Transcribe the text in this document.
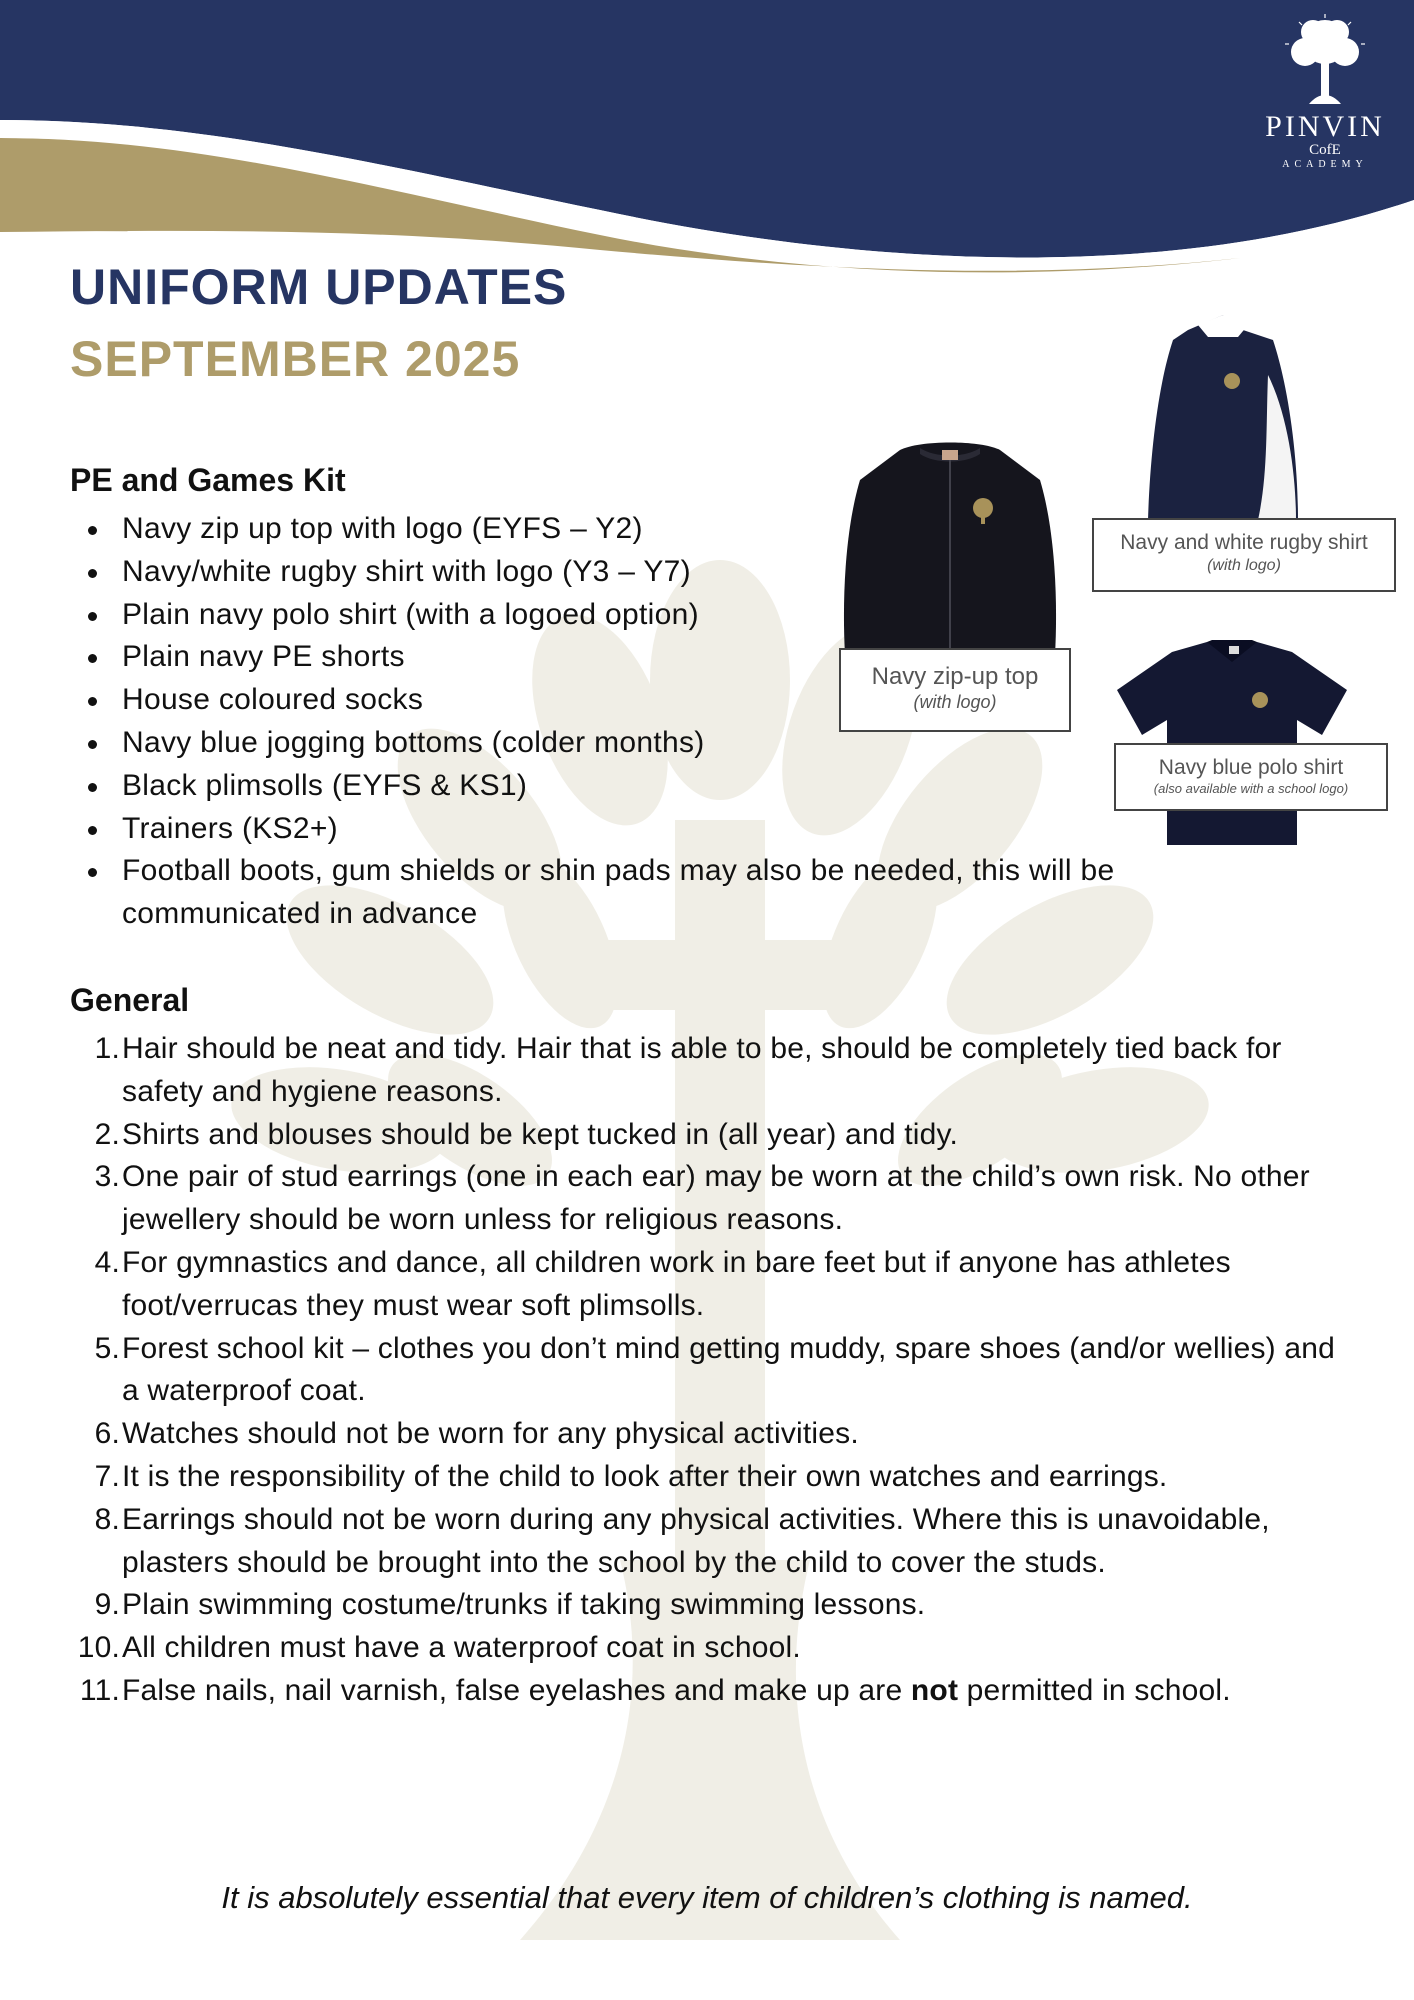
PINVIN
CofE
ACADEMY
UNIFORM UPDATES
SEPTEMBER 2025
PE and Games Kit
Navy zip up top with logo (EYFS – Y2)
Navy/white rugby shirt with logo (Y3 – Y7)
Plain navy polo shirt (with a logoed option)
Plain navy PE shorts
House coloured socks
Navy blue jogging bottoms (colder months)
Black plimsolls (EYFS & KS1)
Trainers (KS2+)
Football boots, gum shields or shin pads may also be needed, this will be communicated in advance
Navy zip-up top
(with logo)
Navy and white rugby shirt
(with logo)
Navy blue polo shirt
(also available with a school logo)
General
1. Hair should be neat and tidy. Hair that is able to be, should be completely tied back for safety and hygiene reasons.
2. Shirts and blouses should be kept tucked in (all year) and tidy.
3. One pair of stud earrings (one in each ear) may be worn at the child’s own risk. No other jewellery should be worn unless for religious reasons.
4. For gymnastics and dance, all children work in bare feet but if anyone has athletes foot/verrucas they must wear soft plimsolls.
5. Forest school kit – clothes you don’t mind getting muddy, spare shoes (and/or wellies) and a waterproof coat.
6. Watches should not be worn for any physical activities.
7. It is the responsibility of the child to look after their own watches and earrings.
8. Earrings should not be worn during any physical activities. Where this is unavoidable, plasters should be brought into the school by the child to cover the studs.
9. Plain swimming costume/trunks if taking swimming lessons.
10. All children must have a waterproof coat in school.
11. False nails, nail varnish, false eyelashes and make up are not permitted in school.
It is absolutely essential that every item of children’s clothing is named.
